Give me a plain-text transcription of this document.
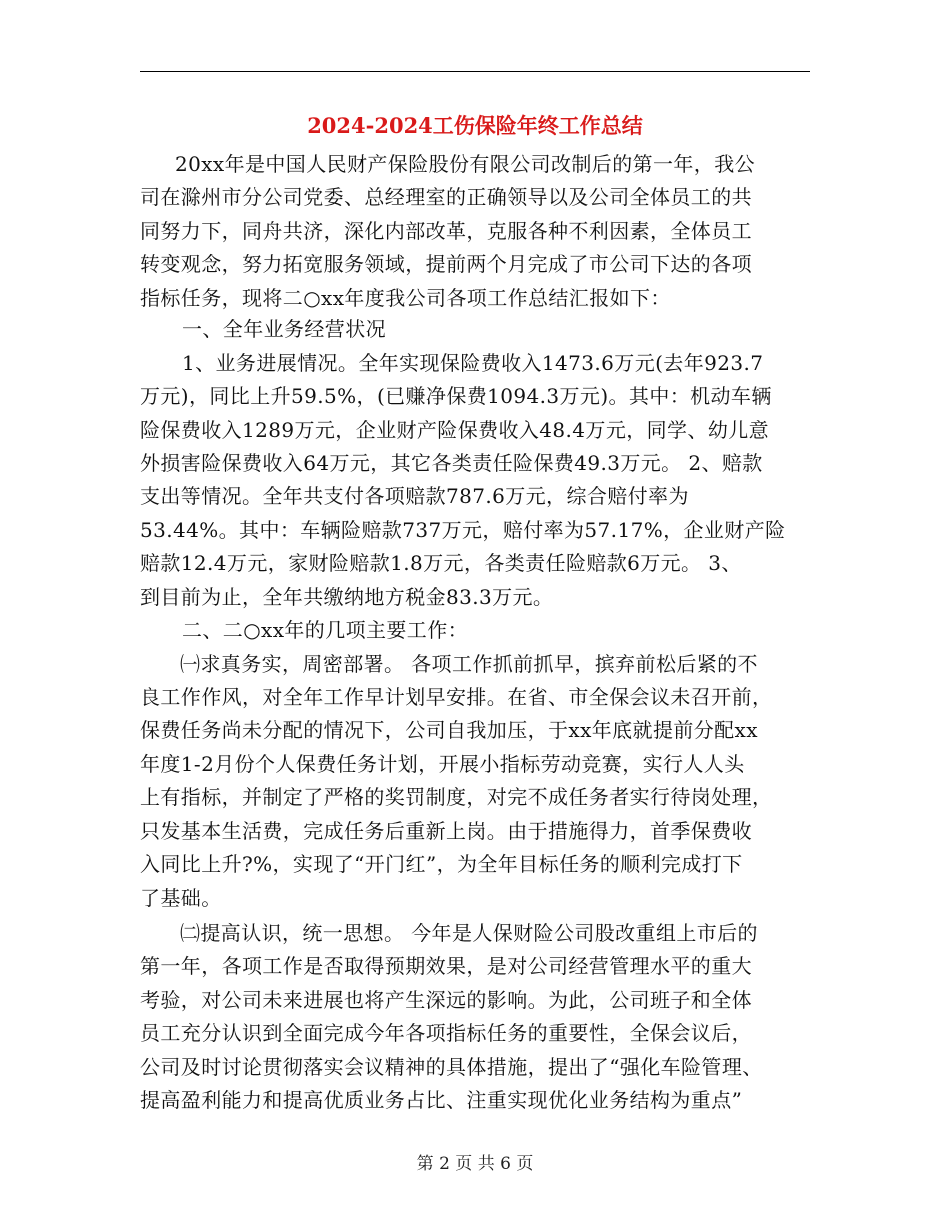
2024-2024工伤保险年终工作总结
20xx年是中国人民财产保险股份有限公司改制后的第一年，我公
司在滁州市分公司党委、总经理室的正确领导以及公司全体员工的共
同努力下，同舟共济，深化内部改革，克服各种不利因素，全体员工
转变观念，努力拓宽服务领域，提前两个月完成了市公司下达的各项
指标任务，现将二○xx年度我公司各项工作总结汇报如下：
一、全年业务经营状况
1、业务进展情况。全年实现保险费收入1473.6万元(去年923.7
万元)，同比上升59.5%，(已赚净保费1094.3万元)。其中：机动车辆
险保费收入1289万元，企业财产险保费收入48.4万元，同学、幼儿意
外损害险保费收入64万元，其它各类责任险保费49.3万元。 2、赔款
支出等情况。全年共支付各项赔款787.6万元，综合赔付率为
53.44%。其中：车辆险赔款737万元，赔付率为57.17%，企业财产险
赔款12.4万元，家财险赔款1.8万元，各类责任险赔款6万元。 3、
到目前为止，全年共缴纳地方税金83.3万元。
二、二○xx年的几项主要工作：
㈠求真务实，周密部署。 各项工作抓前抓早，摈弃前松后紧的不
良工作作风，对全年工作早计划早安排。在省、市全保会议未召开前，
保费任务尚未分配的情况下，公司自我加压，于xx年底就提前分配xx
年度1-2月份个人保费任务计划，开展小指标劳动竞赛，实行人人头
上有指标，并制定了严格的奖罚制度，对完不成任务者实行待岗处理，
只发基本生活费，完成任务后重新上岗。由于措施得力，首季保费收
入同比上升?%，实现了“开门红”，为全年目标任务的顺利完成打下
了基础。
㈡提高认识，统一思想。 今年是人保财险公司股改重组上市后的
第一年，各项工作是否取得预期效果，是对公司经营管理水平的重大
考验，对公司未来进展也将产生深远的影响。为此，公司班子和全体
员工充分认识到全面完成今年各项指标任务的重要性，全保会议后，
公司及时讨论贯彻落实会议精神的具体措施，提出了“强化车险管理、
提高盈利能力和提高优质业务占比、注重实现优化业务结构为重点”
第 2 页 共 6 页
